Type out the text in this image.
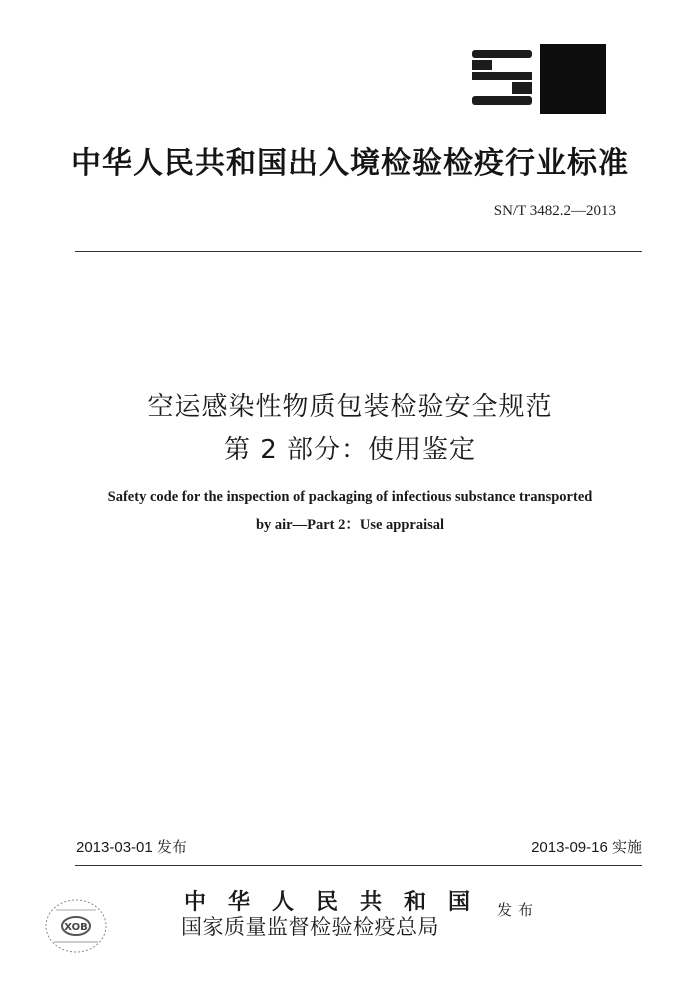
中华人民共和国出入境检验检疫行业标准
SN/T 3482.2—2013
空运感染性物质包装检验安全规范
第 2 部分：使用鉴定
Safety code for the inspection of packaging of infectious substance transported
by air—Part 2：Use appraisal
2013-03-01 发布	2013-09-16 实施
XOB
中华人民共和国
国家质量监督检验检疫总局
发布
